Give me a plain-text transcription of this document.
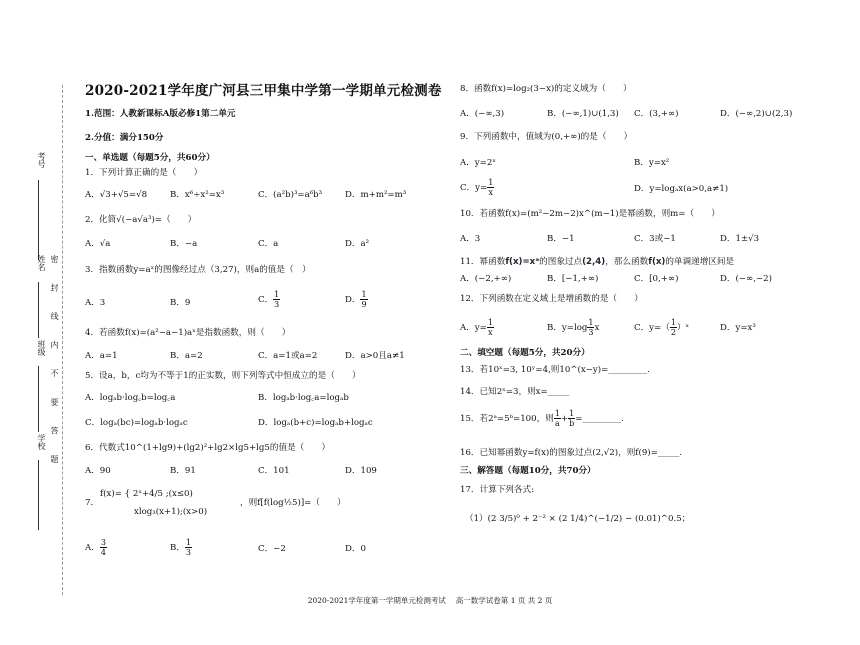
考号
姓名
班级
学校 密 封 线 内 不 要 答 题
2020-2021学年度广河县三甲集中学第一学期单元检测卷
1.范围：人教新课标A版必修1第二单元
2.分值：满分150分
一、单选题（每题5分，共60分）
1．下列计算正确的是（　　）
A．√3+√5=√8	B．x⁶÷x²=x³	C．(a²b)³=a⁶b³	D．m+m²=m³
2．化简√(−a√a³)=（　　）
A．√a	B．−a	C．a	D．a²
3．指数函数y=aˣ的图像经过点（3,27)，则a的值是（　）
A．3	B．9	C． $\frac{1}{3}$	D． $\frac{1}{9}$
4．若函数f(x)=(a²−a−1)aˣ是指数函数，则（　　）
A．a=1	B．a=2	C．a=1或a=2	D．a>0且a≠1
5．设a，b，c均为不等于1的正实数，则下列等式中恒成立的是（　　）
A．logₐb·log꜀b=log꜀a	B．logₐb·log꜀a=logₐb
C．logₐ(bc)=logₐb·logₐc	D．logₐ(b+c)=logₐb+logₐc
6．代数式10^(1+lg9)+(lg2)²+lg2×lg5+lg5的值是（　　）
A．90	B．91	C．101	D．109
7．
f(x)= { 2ˣ+4/5 ;(x≤0)
xlog₃(x+1);(x>0)
，则f[f(log½5)]=（　　）
A． $\frac{3}{4}$	B． $\frac{1}{3}$	C．−2	D．0
8．函数f(x)=log₂(3−x)的定义域为（　　）
A．(−∞,3)	B．(−∞,1)∪(1,3) C．(3,+∞)	D．(−∞,2)∪(2,3)
9．下列函数中，值域为(0,+∞)的是（　　）
A．y=2ˣ	B．y=x²
C．$y= \frac{1}{x}$	D．y=logₐx(a>0,a≠1)
10．若函数f(x)=(m²−2m−2)x^(m−1)是幂函数，则m=（　　）
A．3	B．−1	C．3或−1	D．1±√3
11．幂函数f(x)=xᵃ的图象过点(2,4)，那么函数f(x)的单调递增区间是
A．(−2,+∞)	B．[−1,+∞)	C．[0,+∞)	D．(−∞,−2)
12．下列函数在定义域上是增函数的是（　　）
A．$y= \frac{1}{x}$	B．$y=\log \frac{1}{3}$ x	C．$y=( \frac{1}{2}$ ）ˣ	D．y=x³
二、填空题（每题5分，共20分）
13．若10ˣ=3, 10ʸ=4,则10^(x−y)=_________.
14．已知2ˣ=3，则x=_____
15．若2ᵃ=5ᵇ=100，则 $\frac{1}{a} + \frac{1}{b}$ =_________.
16．已知幂函数y=f(x)的图象过点(2,√2)，则f(9)=_____.
三、解答题（每题10分，共70分）
17．计算下列各式:
（1）(2 3/5)⁰ + 2⁻² × (2 1/4)^(−1/2) − (0.01)^0.5；
2020-2021学年度第一学期单元检测考试　 高一数学试卷第 1 页 共 2 页
